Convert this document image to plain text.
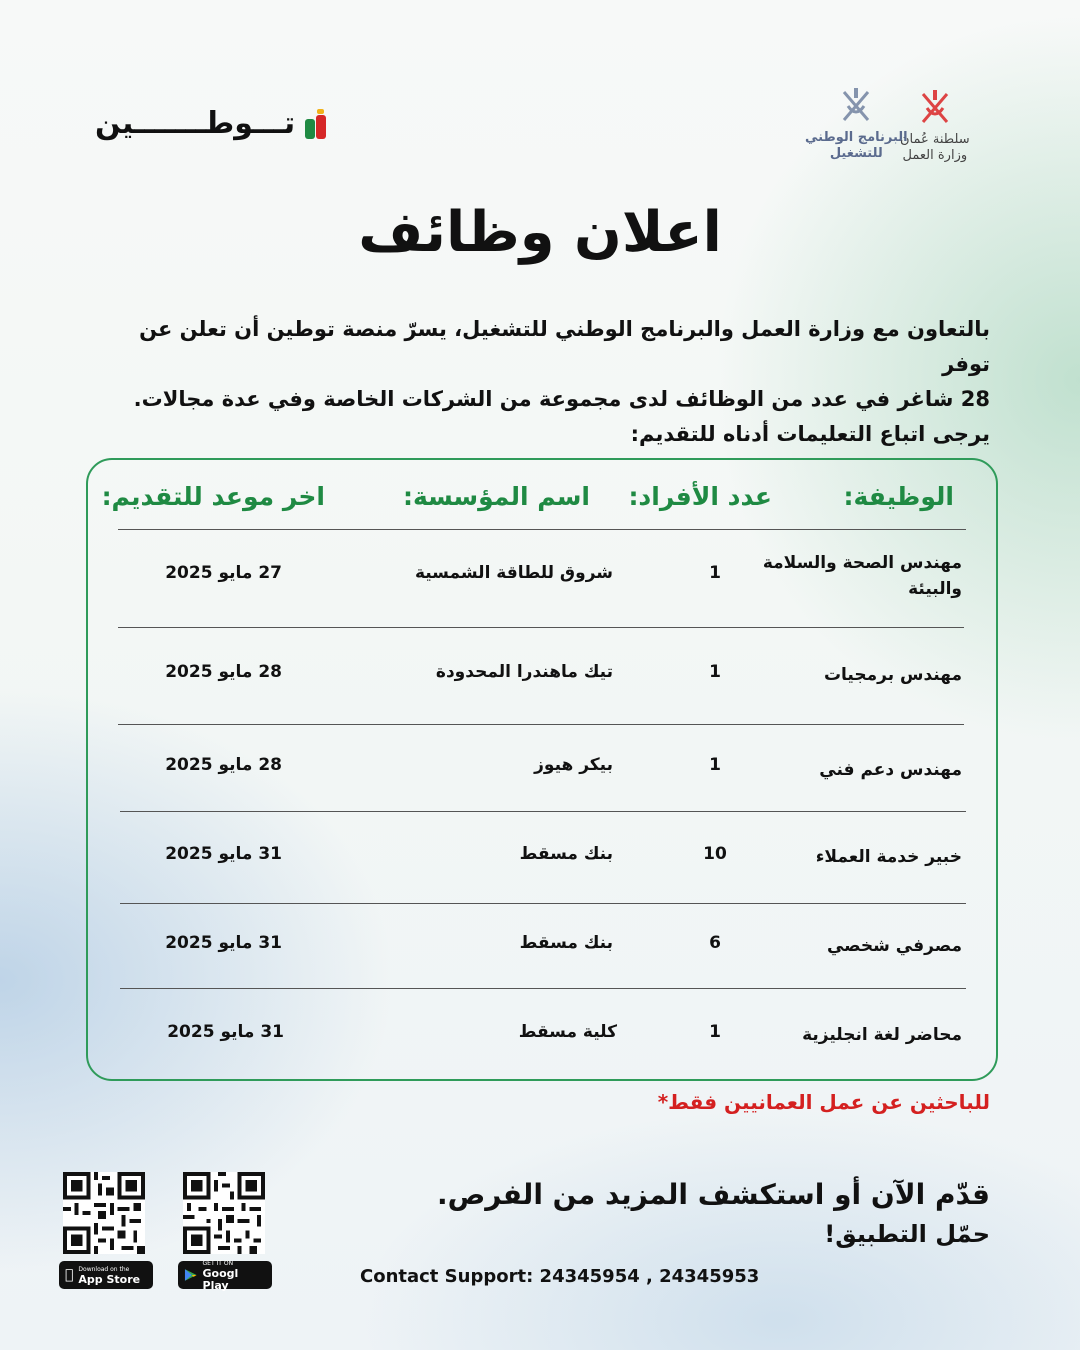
تـــوطـــــــين	سلطنة عُمان
وزارة العمل
البرنامج الوطني
للتشغيل
اعلان وظائف

بالتعاون مع وزارة العمل والبرنامج الوطني للتشغيل، يسرّ منصة توطين أن تعلن عن توفر

28 شاغر في عدد من الوظائف لدى مجموعة من الشركات الخاصة وفي عدة مجالات.

يرجى اتباع التعليمات أدناه للتقديم:

الوظيفة:
عدد الأفراد:
اسم المؤسسة:
اخر موعد للتقديم:
مهندس الصحة والسلامة والبيئة
1
شروق للطاقة الشمسية
27 مايو 2025
مهندس برمجيات
1
تيك ماهندرا المحدودة
28 مايو 2025
مهندس دعم فني
1
بيكر هيوز
28 مايو 2025
خبير خدمة العملاء
10
بنك مسقط
31 مايو 2025
مصرفي شخصي
6
بنك مسقط
31 مايو 2025
محاضر لغة انجليزية
1
كلية مسقط
31 مايو 2025
للباحثين عن عمل العمانيين فقط*
قدّم الآن أو استكشف المزيد من الفرص.
حمّل التطبيق!
Contact Support: 24345954 , 24345953
Download on the
App Store
GET IT ON
Googl Play
